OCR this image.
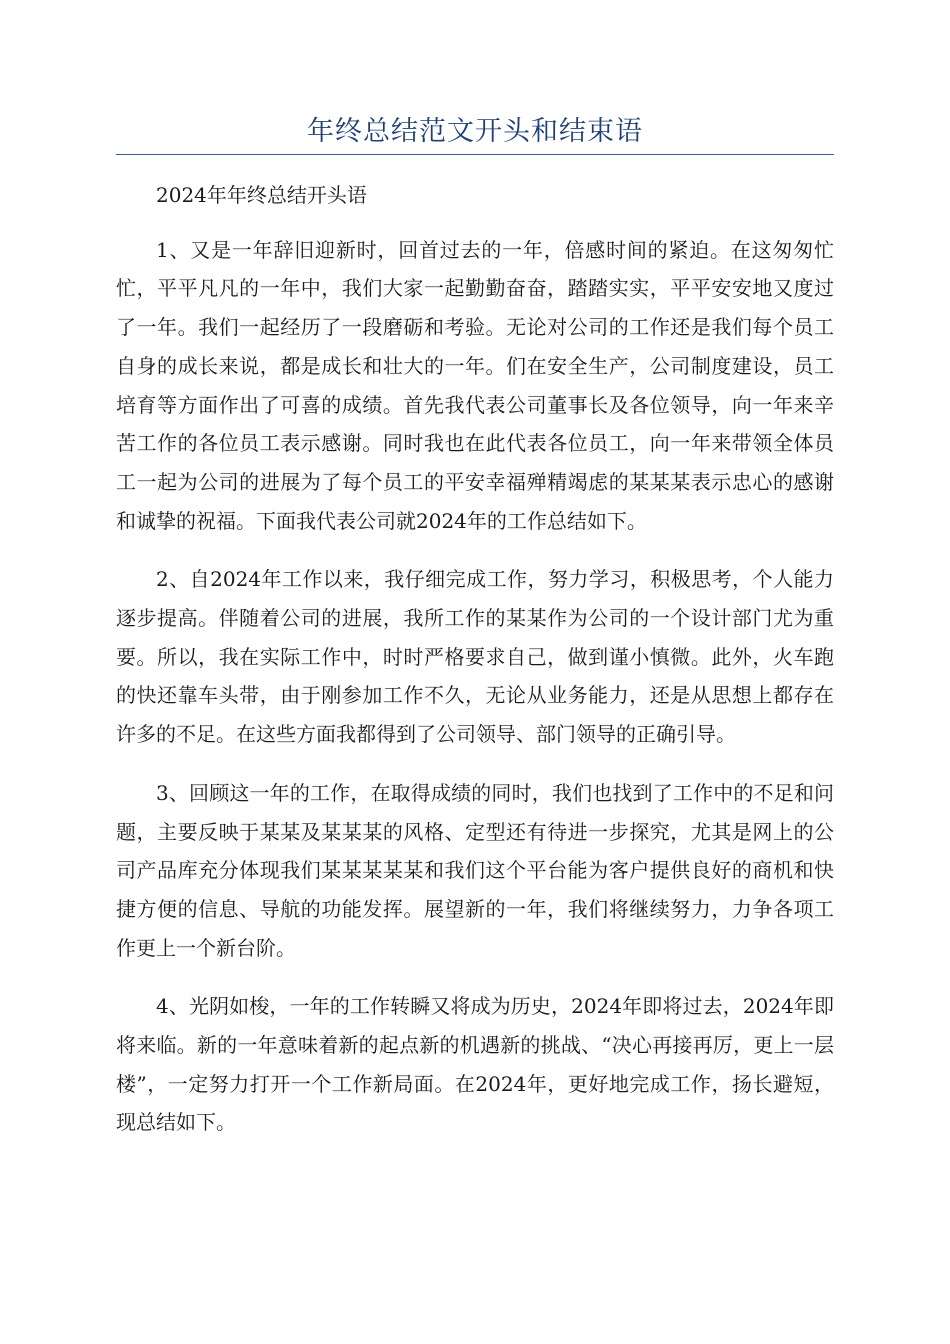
年终总结范文开头和结束语

2024年年终总结开头语

1、又是一年辞旧迎新时，回首过去的一年，倍感时间的紧迫。在这匆匆忙忙，平平凡凡的一年中，我们大家一起勤勤奋奋，踏踏实实，平平安安地又度过了一年。我们一起经历了一段磨砺和考验。无论对公司的工作还是我们每个员工自身的成长来说，都是成长和壮大的一年。们在安全生产，公司制度建设，员工培育等方面作出了可喜的成绩。首先我代表公司董事长及各位领导，向一年来辛苦工作的各位员工表示感谢。同时我也在此代表各位员工，向一年来带领全体员工一起为公司的进展为了每个员工的平安幸福殚精竭虑的某某某表示忠心的感谢和诚挚的祝福。下面我代表公司就2024年的工作总结如下。

2、自2024年工作以来，我仔细完成工作，努力学习，积极思考，个人能力逐步提高。伴随着公司的进展，我所工作的某某作为公司的一个设计部门尤为重要。所以，我在实际工作中，时时严格要求自己，做到谨小慎微。此外，火车跑的快还靠车头带，由于刚参加工作不久，无论从业务能力，还是从思想上都存在许多的不足。在这些方面我都得到了公司领导、部门领导的正确引导。

3、回顾这一年的工作，在取得成绩的同时，我们也找到了工作中的不足和问题，主要反映于某某及某某某的风格、定型还有待进一步探究，尤其是网上的公司产品库充分体现我们某某某某某和我们这个平台能为客户提供良好的商机和快捷方便的信息、导航的功能发挥。展望新的一年，我们将继续努力，力争各项工作更上一个新台阶。

4、光阴如梭，一年的工作转瞬又将成为历史，2024年即将过去，2024年即将来临。新的一年意味着新的起点新的机遇新的挑战、“决心再接再厉，更上一层楼”，一定努力打开一个工作新局面。在2024年，更好地完成工作，扬长避短，现总结如下。
